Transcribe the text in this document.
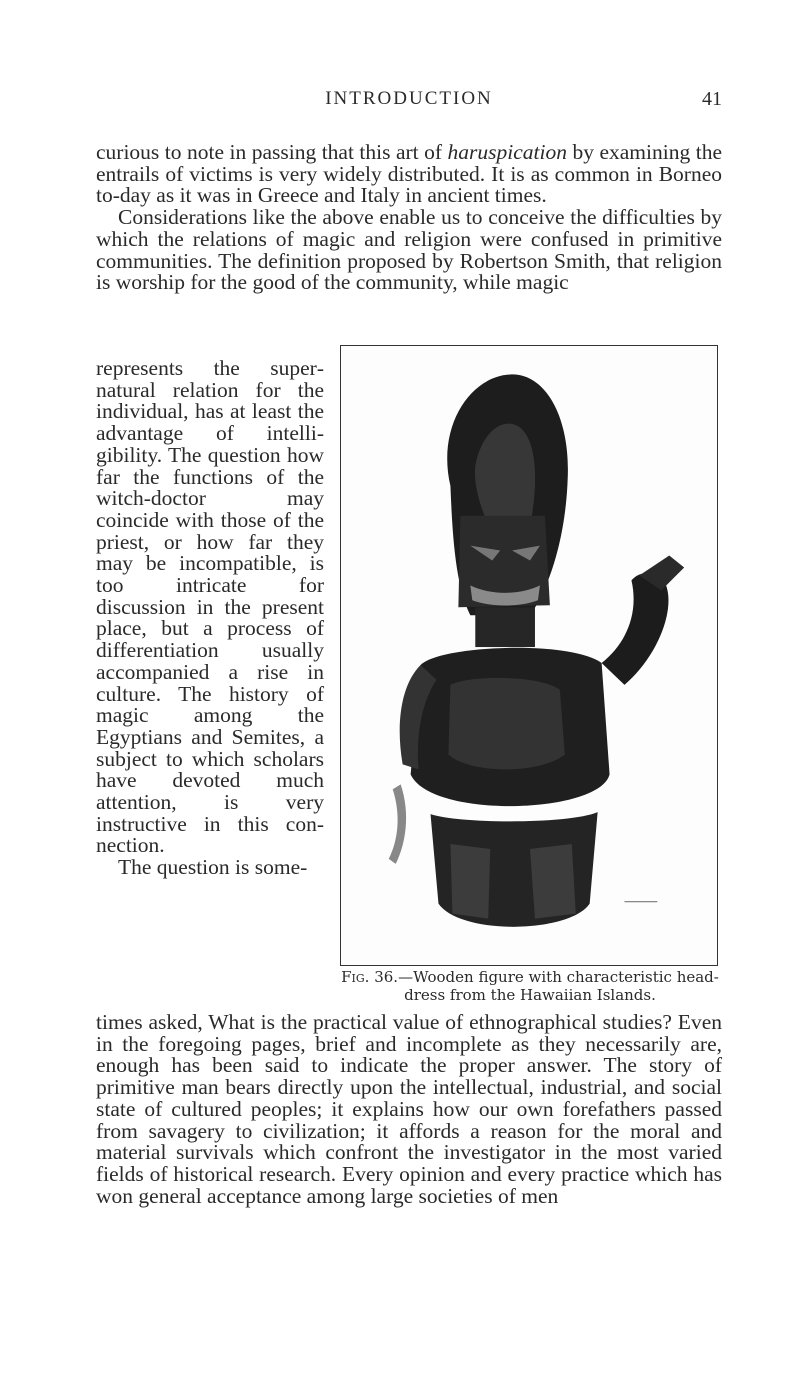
INTRODUCTION	41

curious to note in passing that this art of haruspication by examining the entrails of victims is very widely distributed. It is as common in Borneo to-day as it was in Greece and Italy in ancient times.

Considerations like the above enable us to conceive the difficulties by which the relations of magic and religion were confused in primitive communities. The definition proposed by Robertson Smith, that religion is worship for the good of the community, while magic

represents the supernatural relation for the individual, has at least the advantage of intelligibility. The question how far the functions of the witch-doctor may coincide with those of the priest, or how far they may be incompatible, is too intricate for discussion in the present place, but a process of differentiation usually accompanied a rise in culture. The history of magic among the Egyptians and Semites, a subject to which scholars have devoted much attention, is very instructive in this connection.

The question is some-

Fig. 36.—Wooden figure with characteristic head-dress from the Hawaiian Islands.

times asked, What is the practical value of ethnographical studies? Even in the foregoing pages, brief and incomplete as they necessarily are, enough has been said to indicate the proper answer. The story of primitive man bears directly upon the intellectual, industrial, and social state of cultured peoples; it explains how our own forefathers passed from savagery to civilization; it affords a reason for the moral and material survivals which confront the investigator in the most varied fields of historical research. Every opinion and every practice which has won general acceptance among large societies of men
